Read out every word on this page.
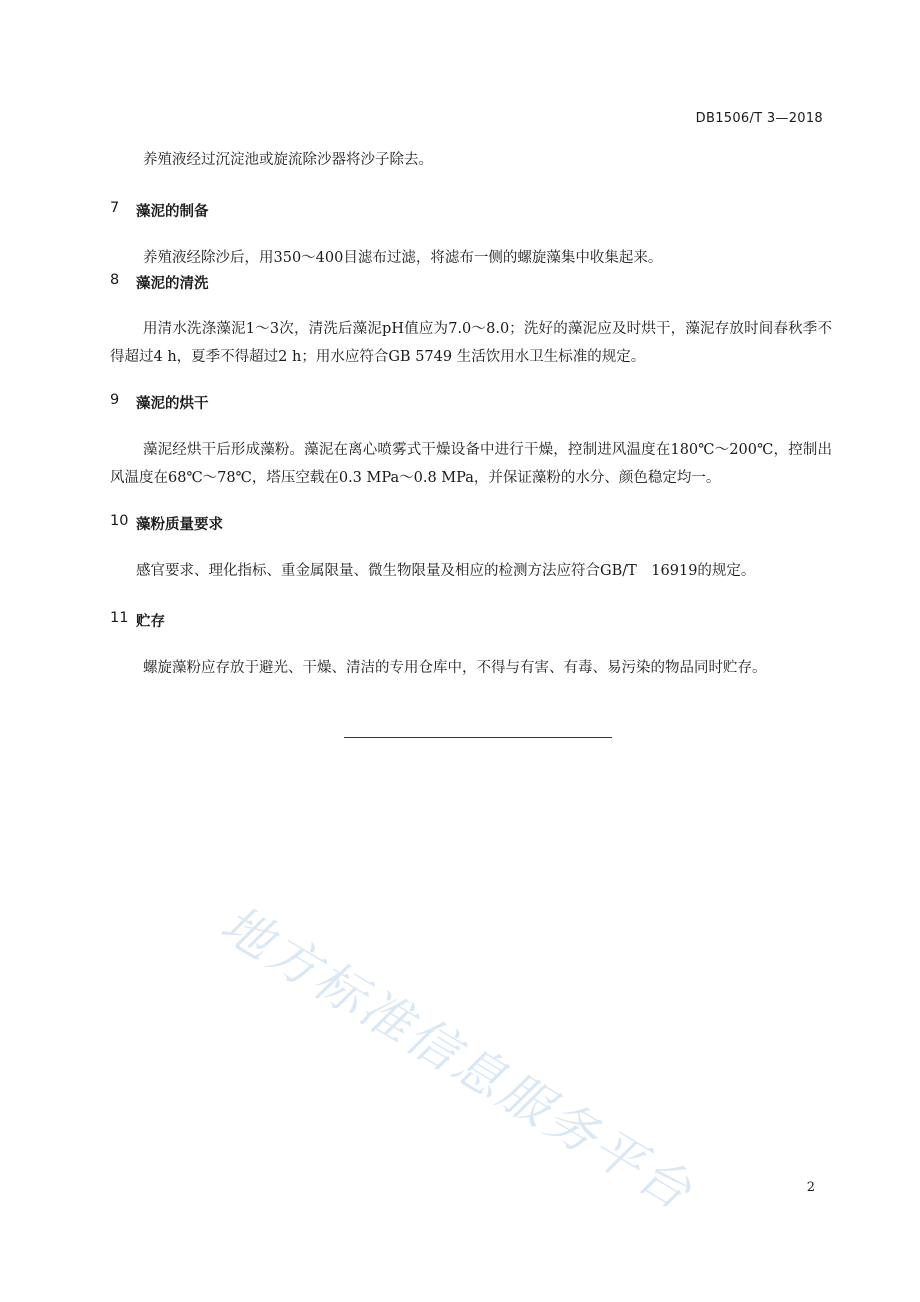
DB1506/T 3—2018
养殖液经过沉淀池或旋流除沙器将沙子除去。
7	藻泥的制备
养殖液经除沙后，用350～400目滤布过滤，将滤布一侧的螺旋藻集中收集起来。
8	藻泥的清洗
用清水洗涤藻泥1～3次，清洗后藻泥pH值应为7.0～8.0；洗好的藻泥应及时烘干，藻泥存放时间春秋季不得超过4 h，夏季不得超过2 h；用水应符合GB 5749 生活饮用水卫生标准的规定。
9	藻泥的烘干
藻泥经烘干后形成藻粉。藻泥在离心喷雾式干燥设备中进行干燥，控制进风温度在180℃～200℃，控制出风温度在68℃～78℃，塔压空载在0.3 MPa～0.8 MPa，并保证藻粉的水分、颜色稳定均一。
10 藻粉质量要求
感官要求、理化指标、重金属限量、微生物限量及相应的检测方法应符合GB/T　16919的规定。
11 贮存
螺旋藻粉应存放于避光、干燥、清洁的专用仓库中，不得与有害、有毒、易污染的物品同时贮存。
地方标准信息服务平台	2
